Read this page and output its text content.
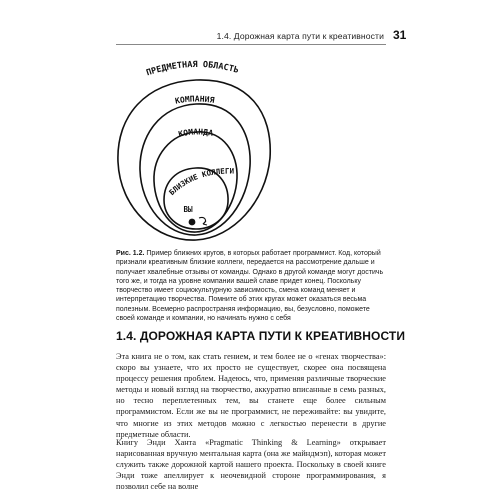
1.4. Дорожная карта пути к креативности 31
ПРЕДМЕТНАЯ ОБЛАСТЬ
КОМПАНИЯ
КОМАНДА
БЛИЗКИЕ КОЛЛЕГИ
ВЫ
Рис. 1.2. Пример ближних кругов, в которых работает программист. Код, который признали креативным близкие коллеги, передается на рассмотрение дальше и получает хвалебные отзывы от команды. Однако в другой команде могут достичь того же, и тогда на уровне компании вашей славе придет конец. Поскольку творчество имеет социокультурную зависимость, смена команд меняет и интерпретацию творчества. Помните об этих кругах может оказаться весьма полезным. Всемерно распространяя информацию, вы, безусловно, поможете своей команде и компании, но начинать нужно с себя
1.4. ДОРОЖНАЯ КАРТА ПУТИ К КРЕАТИВНОСТИ
Эта книга не о том, как стать гением, и тем более не о «генах творчества»: скоро вы узнаете, что их просто не существует, скорее она посвящена процессу решения проблем. Надеюсь, что, применяя различные творческие методы и новый взгляд на творчество, аккуратно вписанные в семь разных, но тесно переплетенных тем, вы станете еще более сильным программистом. Если же вы не программист, не переживайте: вы увидите, что многие из этих методов можно с легкостью перенести в другие предметные области.
Книгу Энди Ханта «Pragmatic Thinking & Learning» открывает нарисованная вручную ментальная карта (она же майндмэп), которая может служить также дорожной картой нашего проекта. Поскольку в своей книге Энди тоже апеллирует к неочевидной стороне программирования, я позволил себе на волне
